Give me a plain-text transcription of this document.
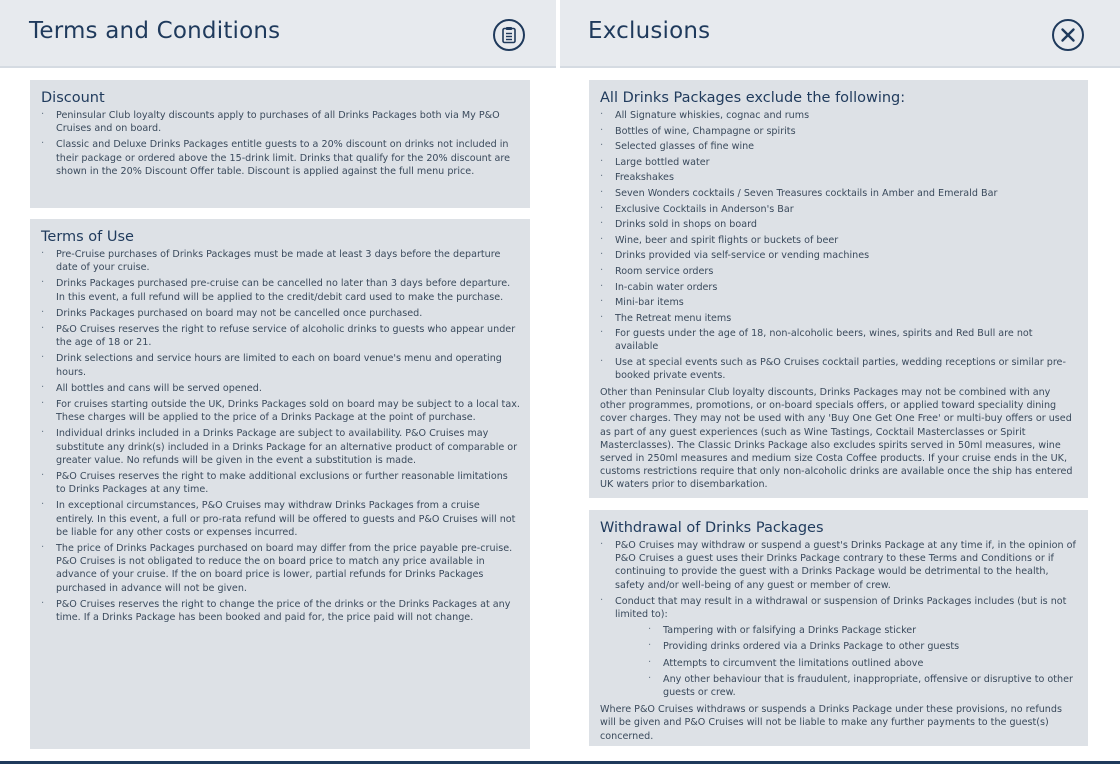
Terms and Conditions	Exclusions
Discount
· Peninsular Club loyalty discounts apply to purchases of all Drinks Packages both via My P&O Cruises and on board.
· Classic and Deluxe Drinks Packages entitle guests to a 20% discount on drinks not included in their package or ordered above the 15-drink limit. Drinks that qualify for the 20% discount are shown in the 20% Discount Offer table. Discount is applied against the full menu price.
Terms of Use
· Pre-Cruise purchases of Drinks Packages must be made at least 3 days before the departure date of your cruise.
· Drinks Packages purchased pre-cruise can be cancelled no later than 3 days before departure. In this event, a full refund will be applied to the credit/debit card used to make the purchase.
· Drinks Packages purchased on board may not be cancelled once purchased.
· P&O Cruises reserves the right to refuse service of alcoholic drinks to guests who appear under the age of 18 or 21.
· Drink selections and service hours are limited to each on board venue's menu and operating hours.
· All bottles and cans will be served opened.
· For cruises starting outside the UK, Drinks Packages sold on board may be subject to a local tax. These charges will be applied to the price of a Drinks Package at the point of purchase.
· Individual drinks included in a Drinks Package are subject to availability. P&O Cruises may substitute any drink(s) included in a Drinks Package for an alternative product of comparable or greater value. No refunds will be given in the event a substitution is made.
· P&O Cruises reserves the right to make additional exclusions or further reasonable limitations to Drinks Packages at any time.
· In exceptional circumstances, P&O Cruises may withdraw Drinks Packages from a cruise entirely. In this event, a full or pro-rata refund will be offered to guests and P&O Cruises will not be liable for any other costs or expenses incurred.
· The price of Drinks Packages purchased on board may differ from the price payable pre-cruise. P&O Cruises is not obligated to reduce the on board price to match any price available in advance of your cruise. If the on board price is lower, partial refunds for Drinks Packages purchased in advance will not be given.
· P&O Cruises reserves the right to change the price of the drinks or the Drinks Packages at any time. If a Drinks Package has been booked and paid for, the price paid will not change.
All Drinks Packages exclude the following:
· All Signature whiskies, cognac and rums
· Bottles of wine, Champagne or spirits
· Selected glasses of fine wine
· Large bottled water
· Freakshakes
· Seven Wonders cocktails / Seven Treasures cocktails in Amber and Emerald Bar
· Exclusive Cocktails in Anderson's Bar
· Drinks sold in shops on board
· Wine, beer and spirit flights or buckets of beer
· Drinks provided via self-service or vending machines
· Room service orders
· In-cabin water orders
· Mini-bar items
· The Retreat menu items
· For guests under the age of 18, non-alcoholic beers, wines, spirits and Red Bull are not available
· Use at special events such as P&O Cruises cocktail parties, wedding receptions or similar pre-booked private events.

Other than Peninsular Club loyalty discounts, Drinks Packages may not be combined with any other programmes, promotions, or on-board specials offers, or applied toward speciality dining cover charges. They may not be used with any 'Buy One Get One Free' or multi-buy offers or used as part of any guest experiences (such as Wine Tastings, Cocktail Masterclasses or Spirit Masterclasses). The Classic Drinks Package also excludes spirits served in 50ml measures, wine served in 250ml measures and medium size Costa Coffee products. If your cruise ends in the UK, customs restrictions require that only non-alcoholic drinks are available once the ship has entered UK waters prior to disembarkation.

Withdrawal of Drinks Packages
· P&O Cruises may withdraw or suspend a guest's Drinks Package at any time if, in the opinion of P&O Cruises a guest uses their Drinks Package contrary to these Terms and Conditions or if continuing to provide the guest with a Drinks Package would be detrimental to the health, safety and/or well-being of any guest or member of crew.
· Conduct that may result in a withdrawal or suspension of Drinks Packages includes (but is not limited to):
· Tampering with or falsifying a Drinks Package sticker
· Providing drinks ordered via a Drinks Package to other guests
· Attempts to circumvent the limitations outlined above
· Any other behaviour that is fraudulent, inappropriate, offensive or disruptive to other guests or crew.

Where P&O Cruises withdraws or suspends a Drinks Package under these provisions, no refunds will be given and P&O Cruises will not be liable to make any further payments to the guest(s) concerned.
